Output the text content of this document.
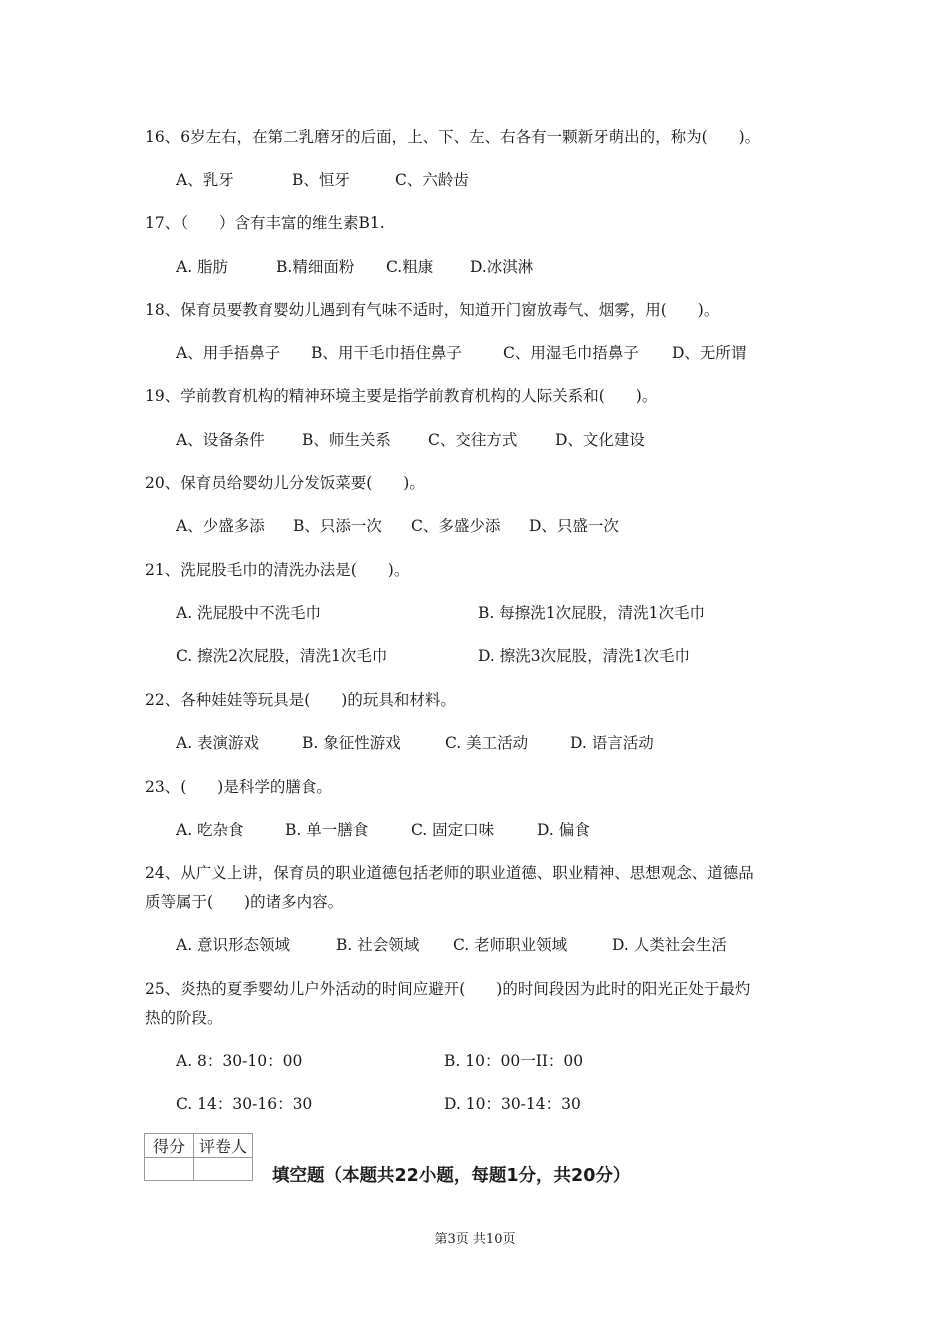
16、6岁左右，在第二乳磨牙的后面，上、下、左、右各有一颗新牙萌出的，称为(　　)。
A、乳牙	B、恒牙	C、六龄齿
17、（　　）含有丰富的维生素B1.
A. 脂肪	B.精细面粉 C.粗康 D.冰淇淋
18、保育员要教育婴幼儿遇到有气味不适时，知道开门窗放毒气、烟雾，用(　　)。
A、用手捂鼻子 B、用干毛巾捂住鼻子	C、用湿毛巾捂鼻子 D、无所谓
19、学前教育机构的精神环境主要是指学前教育机构的人际关系和(　　)。
A、设备条件 B、师生关系 C、交往方式 D、文化建设
20、保育员给婴幼儿分发饭菜要(　　)。
A、少盛多添 B、只添一次 C、多盛少添 D、只盛一次
21、洗屁股毛巾的清洗办法是(　　)。
A. 洗屁股中不洗毛巾	B. 每擦洗1次屁股，清洗1次毛巾
C. 擦洗2次屁股，清洗1次毛巾	D. 擦洗3次屁股，清洗1次毛巾
22、各种娃娃等玩具是(　　)的玩具和材料。
A. 表演游戏	B. 象征性游戏	C. 美工活动	D. 语言活动
23、(　　)是科学的膳食。
A. 吃杂食	B. 单一膳食	C. 固定口味	D. 偏食
24、从广义上讲，保育员的职业道德包括老师的职业道德、职业精神、思想观念、道德品
质等属于(　　)的诸多内容。
A. 意识形态领域	B. 社会领域 C. 老师职业领域	D. 人类社会生活
25、炎热的夏季婴幼儿户外活动的时间应避开(　　)的时间段因为此时的阳光正处于最灼
热的阶段。
A. 8：30-10：00	B. 10：00一II：00
C. 14：30-16：30	D. 10：30-14：30
得分	评卷人

填空题（本题共22小题，每题1分，共20分）
第3页 共10页
